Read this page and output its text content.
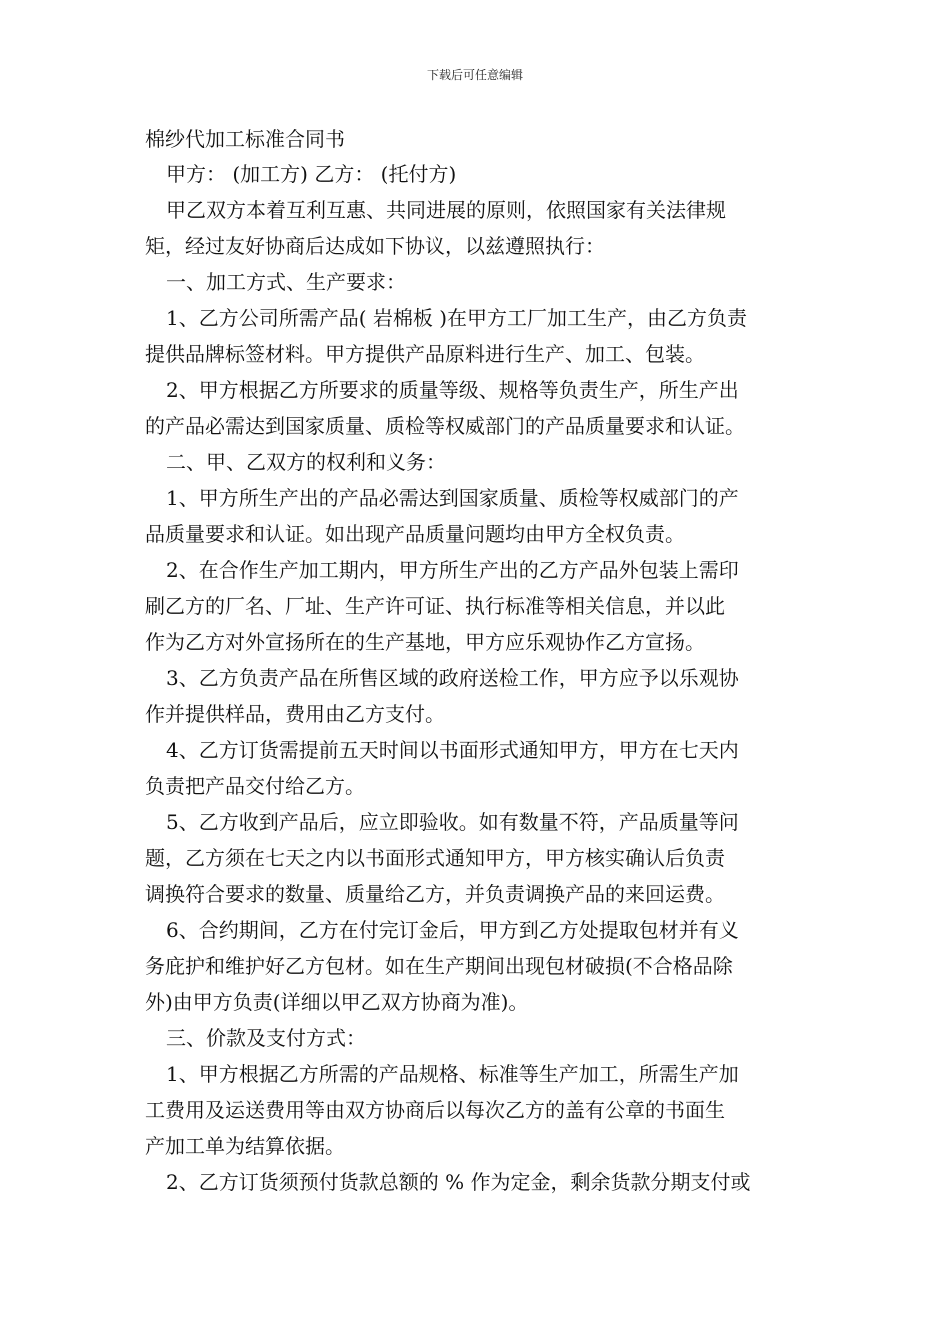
下载后可任意编辑
棉纱代加工标准合同书
甲方： (加工方) 乙方： (托付方)
甲乙双方本着互利互惠、共同进展的原则，依照国家有关法律规
矩，经过友好协商后达成如下协议，以兹遵照执行：
一、加工方式、生产要求：
1、乙方公司所需产品( 岩棉板 )在甲方工厂加工生产，由乙方负责
提供品牌标签材料。甲方提供产品原料进行生产、加工、包装。
2、甲方根据乙方所要求的质量等级、规格等负责生产，所生产出
的产品必需达到国家质量、质检等权威部门的产品质量要求和认证。
二、甲、乙双方的权利和义务：
1、甲方所生产出的产品必需达到国家质量、质检等权威部门的产
品质量要求和认证。如出现产品质量问题均由甲方全权负责。
2、在合作生产加工期内，甲方所生产出的乙方产品外包装上需印
刷乙方的厂名、厂址、生产许可证、执行标准等相关信息，并以此
作为乙方对外宣扬所在的生产基地，甲方应乐观协作乙方宣扬。
3、乙方负责产品在所售区域的政府送检工作，甲方应予以乐观协
作并提供样品，费用由乙方支付。
4、乙方订货需提前五天时间以书面形式通知甲方，甲方在七天内
负责把产品交付给乙方。
5、乙方收到产品后，应立即验收。如有数量不符，产品质量等问
题，乙方须在七天之内以书面形式通知甲方，甲方核实确认后负责
调换符合要求的数量、质量给乙方，并负责调换产品的来回运费。
6、合约期间，乙方在付完订金后，甲方到乙方处提取包材并有义
务庇护和维护好乙方包材。如在生产期间出现包材破损(不合格品除
外)由甲方负责(详细以甲乙双方协商为准)。
三、价款及支付方式：
1、甲方根据乙方所需的产品规格、标准等生产加工，所需生产加
工费用及运送费用等由双方协商后以每次乙方的盖有公章的书面生
产加工单为结算依据。
2、乙方订货须预付货款总额的 % 作为定金，剩余货款分期支付或
